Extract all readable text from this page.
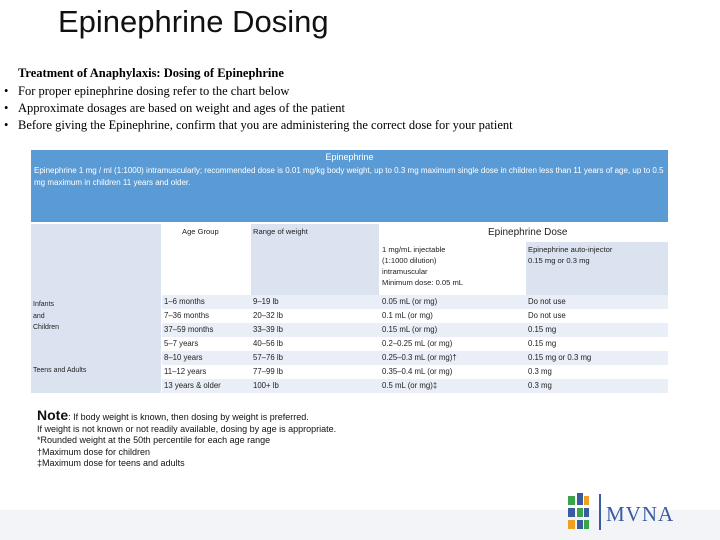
Epinephrine Dosing
Treatment of Anaphylaxis: Dosing of Epinephrine
• For proper epinephrine dosing refer to the chart below
• Approximate dosages are based on weight and ages of the patient
• Before giving the Epinephrine, confirm that you are administering the correct dose for your patient
Epinephrine
Epinephrine 1 mg / ml (1:1000) intramuscularly; recommended dose is 0.01 mg/kg body weight, up to 0.3 mg maximum single dose in children less than 11 years of age, up to 0.5 mg maximum in children 11 years and older.
Age Group	Range of weight	Epinephrine Dose
1 mg/mL injectable
(1:1000 dilution)
intramuscular
Minimum dose: 0.05 mL
Epinephrine auto-injector
0.15 mg or 0.3 mg
Infants
and
Children
Teens and Adults
1–6 months	9–19 lb	0.05 mL (or mg)	Do not use
7–36 months	20–32 lb	0.1 mL (or mg)	Do not use
37–59 months	33–39 lb	0.15 mL (or mg)	0.15 mg
5–7 years	40–56 lb	0.2–0.25 mL (or mg)	0.15 mg
8–10 years	57–76 lb	0.25–0.3 mL (or mg)†	0.15 mg or 0.3 mg
11–12 years	77–99 lb	0.35–0.4 mL (or mg)	0.3 mg
13 years & older	100+ lb	0.5 mL (or mg)‡	0.3 mg
Note: If body weight is known, then dosing by weight is preferred.
If weight is not known or not readily available, dosing by age is appropriate.
*Rounded weight at the 50th percentile for each age range
†Maximum dose for children
‡Maximum dose for teens and adults
MVNA
